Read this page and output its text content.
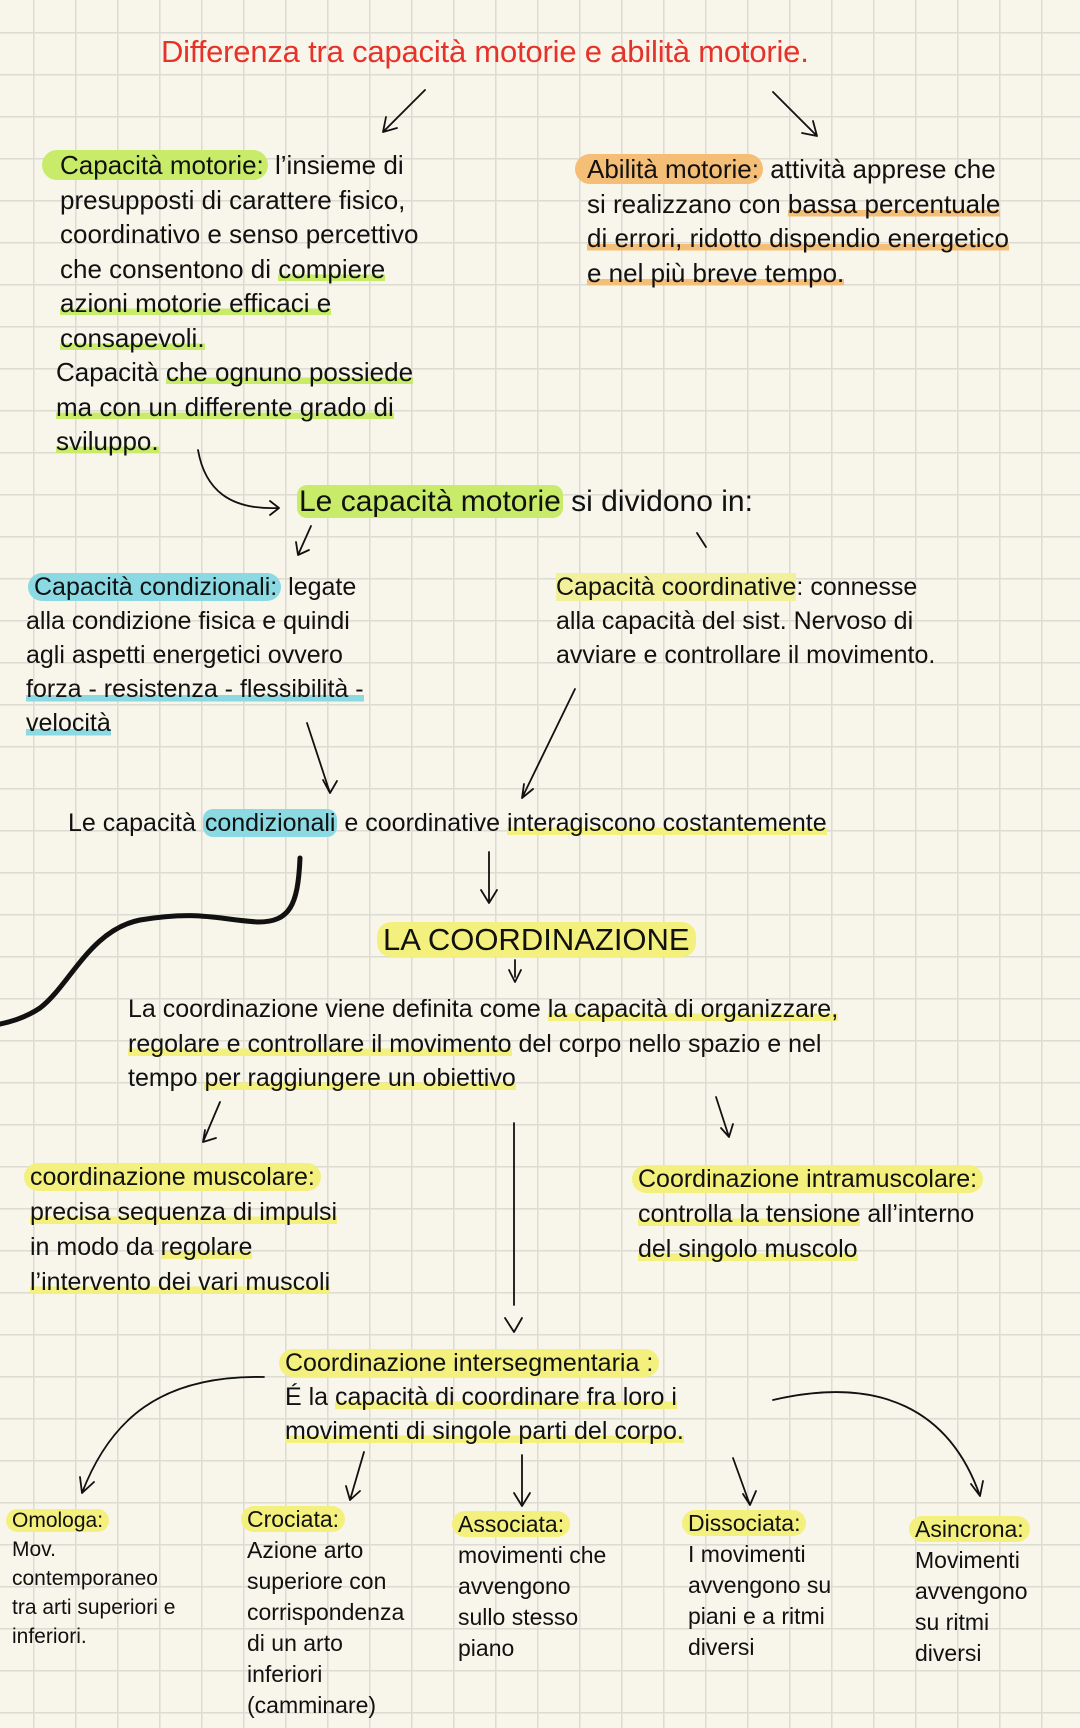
Differenza tra capacità motorie e abilità motorie.
Capacità motorie: l’insieme di
presupposti di carattere fisico,
coordinativo e senso percettivo
che consentono di compiere
azioni motorie efficaci e
consapevoli.
Capacità che ognuno possiede
ma con un differente grado di
sviluppo.
Abilità motorie: attività apprese che
si realizzano con bassa percentuale
di errori, ridotto dispendio energetico
e nel più breve tempo.
Le capacità motorie si dividono in:
Capacità condizionali: legate
alla condizione fisica e quindi
agli aspetti energetici ovvero
forza - resistenza - flessibilità -
velocità
Capacità coordinative: connesse
alla capacità del sist. Nervoso di
avviare e controllare il movimento.
Le capacità condizionali e coordinative interagiscono costantemente
LA COORDINAZIONE
La coordinazione viene definita come la capacità di organizzare,
regolare e controllare il movimento del corpo nello spazio e nel
tempo per raggiungere un obiettivo
coordinazione muscolare:
precisa sequenza di impulsi
in modo da regolare
l’intervento dei vari muscoli
Coordinazione intramuscolare:
controlla la tensione all’interno
del singolo muscolo
Coordinazione intersegmentaria :
É la capacità di coordinare fra loro i
movimenti di singole parti del corpo.
Omologa:
Mov.
contemporaneo
tra arti superiori e
inferiori.
Crociata:
Azione arto
superiore con
corrispondenza
di un arto
inferiori
(camminare)
Associata:
movimenti che
avvengono
sullo stesso
piano
Dissociata:
I movimenti
avvengono su
piani e a ritmi
diversi
Asincrona:
Movimenti
avvengono
su ritmi
diversi
